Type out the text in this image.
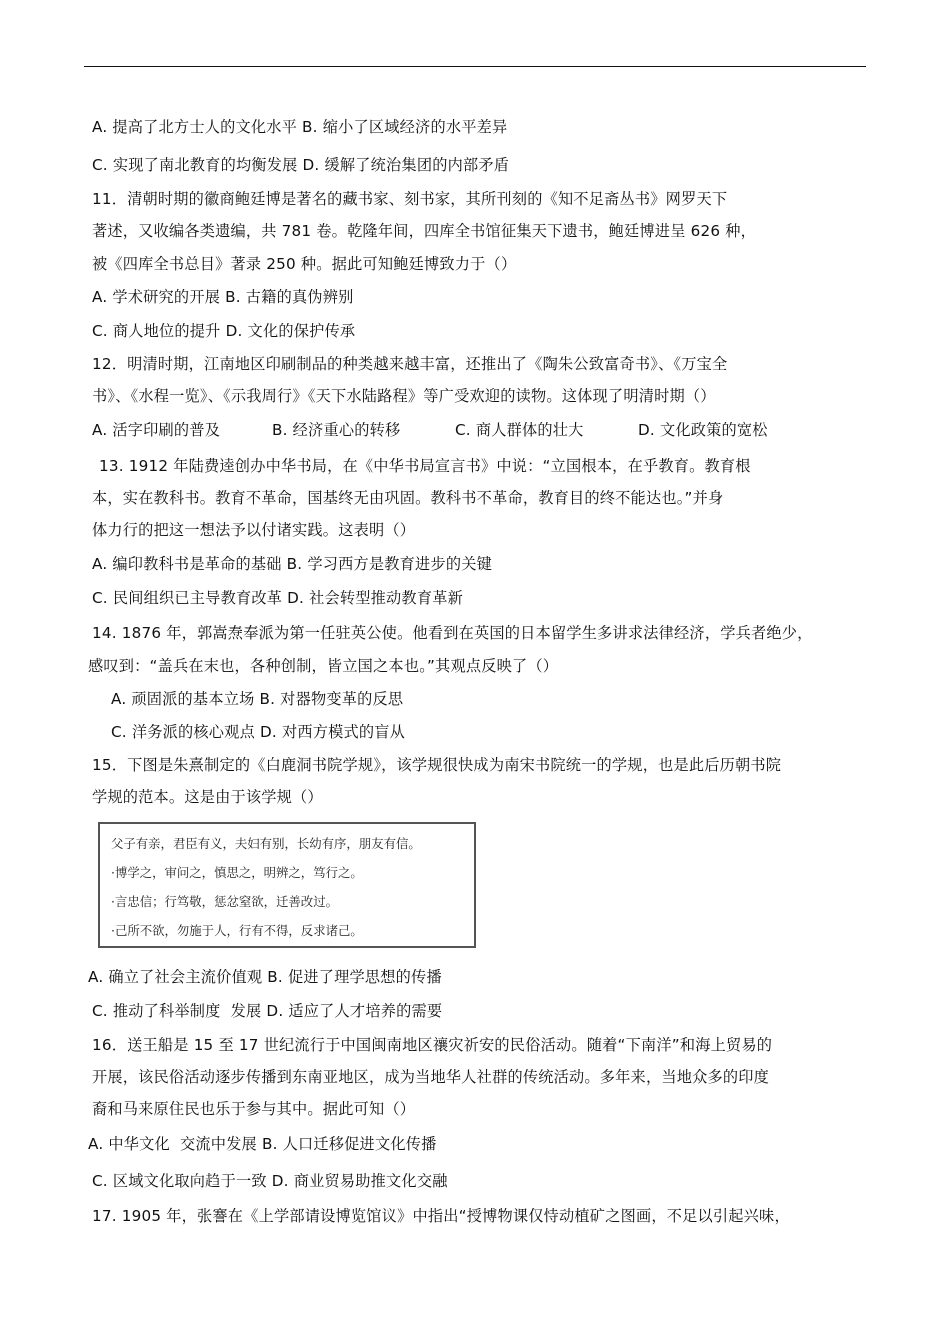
A. 提高了北方士人的文化水平 B. 缩小了区域经济的水平差异
C. 实现了南北教育的均衡发展 D. 缓解了统治集团的内部矛盾
11．清朝时期的徽商鲍廷博是著名的藏书家、刻书家，其所刊刻的《知不足斋丛书》网罗天下
著述，又收编各类遗编，共 781 卷。乾隆年间，四库全书馆征集天下遗书，鲍廷博进呈 626 种，
被《四库全书总目》著录 250 种。据此可知鲍廷博致力于（）
A. 学术研究的开展 B. 古籍的真伪辨别
C. 商人地位的提升 D. 文化的保护传承
12．明清时期，江南地区印刷制品的种类越来越丰富，还推出了《陶朱公致富奇书》、《万宝全
书》、《水程一览》、《示我周行》《天下水陆路程》等广受欢迎的读物。这体现了明清时期（）
A. 活字印刷的普及	B. 经济重心的转移	C. 商人群体的壮大	D. 文化政策的宽松
13. 1912 年陆费逵创办中华书局，在《中华书局宣言书》中说：“立国根本，在乎教育。教育根
本，实在教科书。教育不革命，国基终无由巩固。教科书不革命，教育目的终不能达也。”并身
体力行的把这一想法予以付诸实践。这表明（）
A. 编印教科书是革命的基础 B. 学习西方是教育进步的关键
C. 民间组织已主导教育改革 D. 社会转型推动教育革新
14. 1876 年，郭嵩焘奉派为第一任驻英公使。他看到在英国的日本留学生多讲求法律经济，学兵者绝少，
感叹到：“盖兵在末也，各种创制，皆立国之本也。”其观点反映了（）
A. 顽固派的基本立场 B. 对器物变革的反思
C. 洋务派的核心观点 D. 对西方模式的盲从
15．下图是朱熹制定的《白鹿洞书院学规》，该学规很快成为南宋书院统一的学规，也是此后历朝书院
学规的范本。这是由于该学规（）
父子有亲，君臣有义，夫妇有别，长幼有序，朋友有信。
·博学之，审问之，慎思之，明辨之，笃行之。
·言忠信；行笃敬，惩忿窒欲，迁善改过。
·己所不欲，勿施于人，行有不得，反求诸己。
A. 确立了社会主流价值观 B. 促进了理学思想的传播
C. 推动了科举制度  发展 D. 适应了人才培养的需要
16．送王船是 15 至 17 世纪流行于中国闽南地区禳灾祈安的民俗活动。随着“下南洋”和海上贸易的
开展，该民俗活动逐步传播到东南亚地区，成为当地华人社群的传统活动。多年来，当地众多的印度
裔和马来原住民也乐于参与其中。据此可知（）
A. 中华文化  交流中发展 B. 人口迁移促进文化传播
C. 区域文化取向趋于一致 D. 商业贸易助推文化交融
17. 1905 年，张謇在《上学部请设博览馆议》中指出“授博物课仅恃动植矿之图画，不足以引起兴味，
